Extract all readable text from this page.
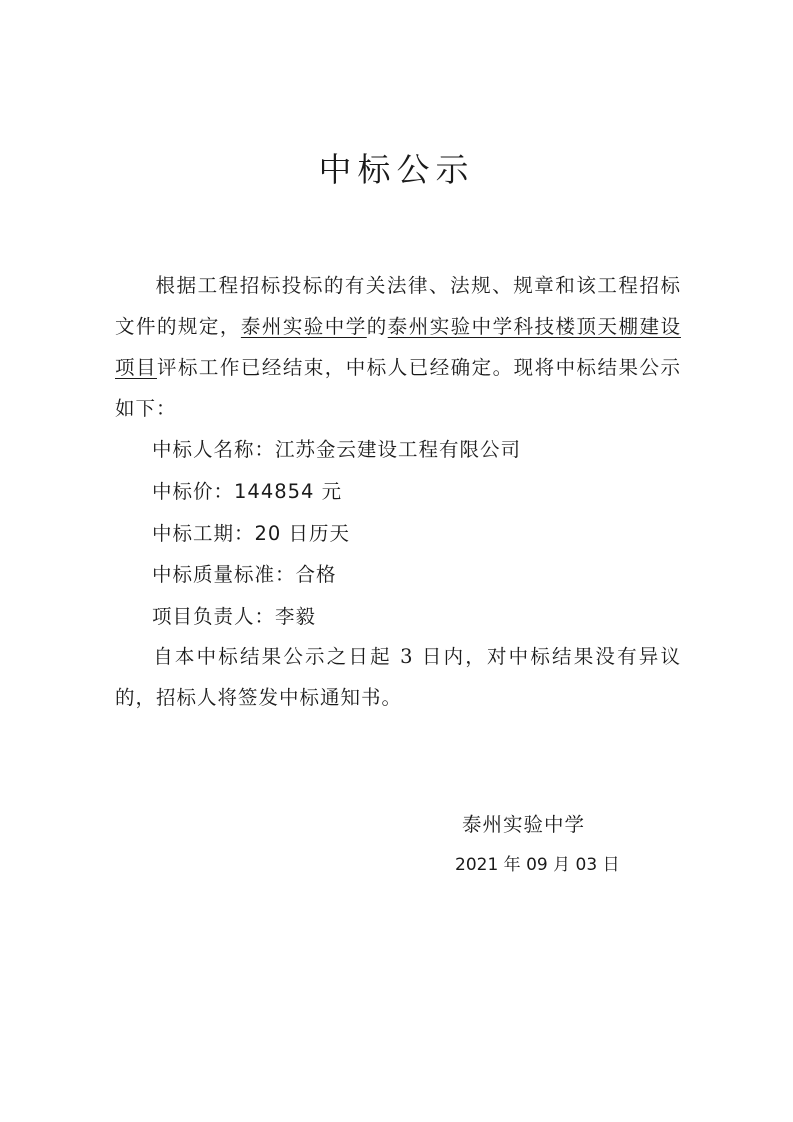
中标公示
根据工程招标投标的有关法律、法规、规章和该工程招标文件的规定，泰州实验中学的泰州实验中学科技楼顶天棚建设项目评标工作已经结束，中标人已经确定。现将中标结果公示如下：
中标人名称：江苏金云建设工程有限公司
中标价：144854 元
中标工期：20 日历天
中标质量标准：合格
项目负责人：李毅
自本中标结果公示之日起 3 日内，对中标结果没有异议的，招标人将签发中标通知书。
泰州实验中学
2021 年 09 月 03 日
